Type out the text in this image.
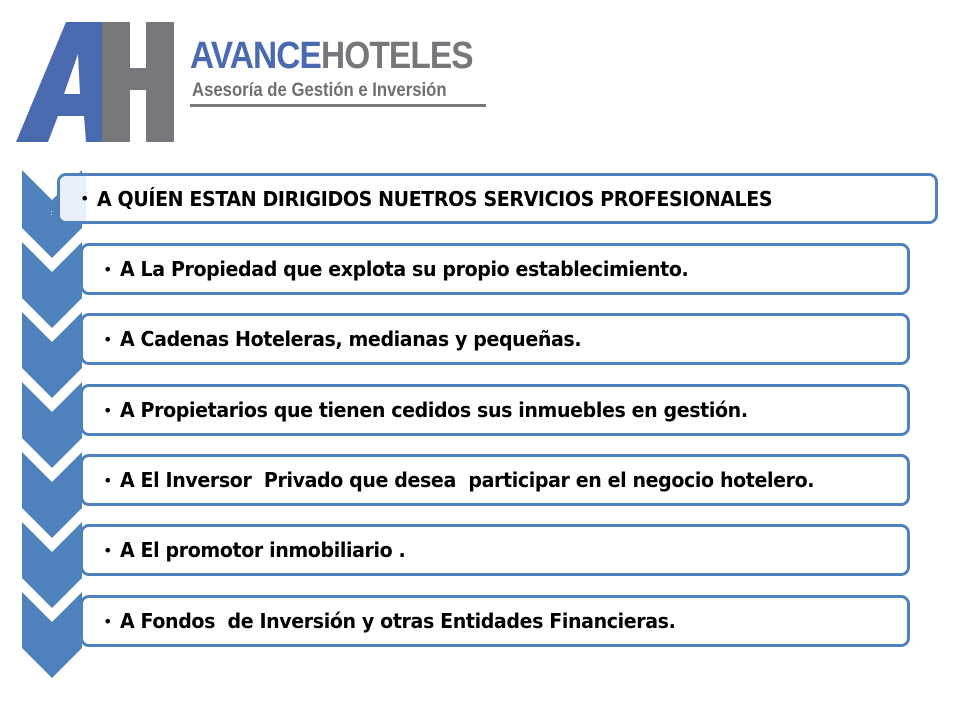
AVANCEHOTELES
Asesoría de Gestión e Inversión
:
• A QUÍEN ESTAN DIRIGIDOS NUETROS SERVICIOS PROFESIONALES
• A La Propiedad que explota su propio establecimiento.
• A Cadenas Hoteleras, medianas y pequeñas.
• A Propietarios que tienen cedidos sus inmuebles en gestión.
• A El Inversor  Privado que desea  participar en el negocio hotelero.
• A El promotor inmobiliario .
• A Fondos  de Inversión y otras Entidades Financieras.
